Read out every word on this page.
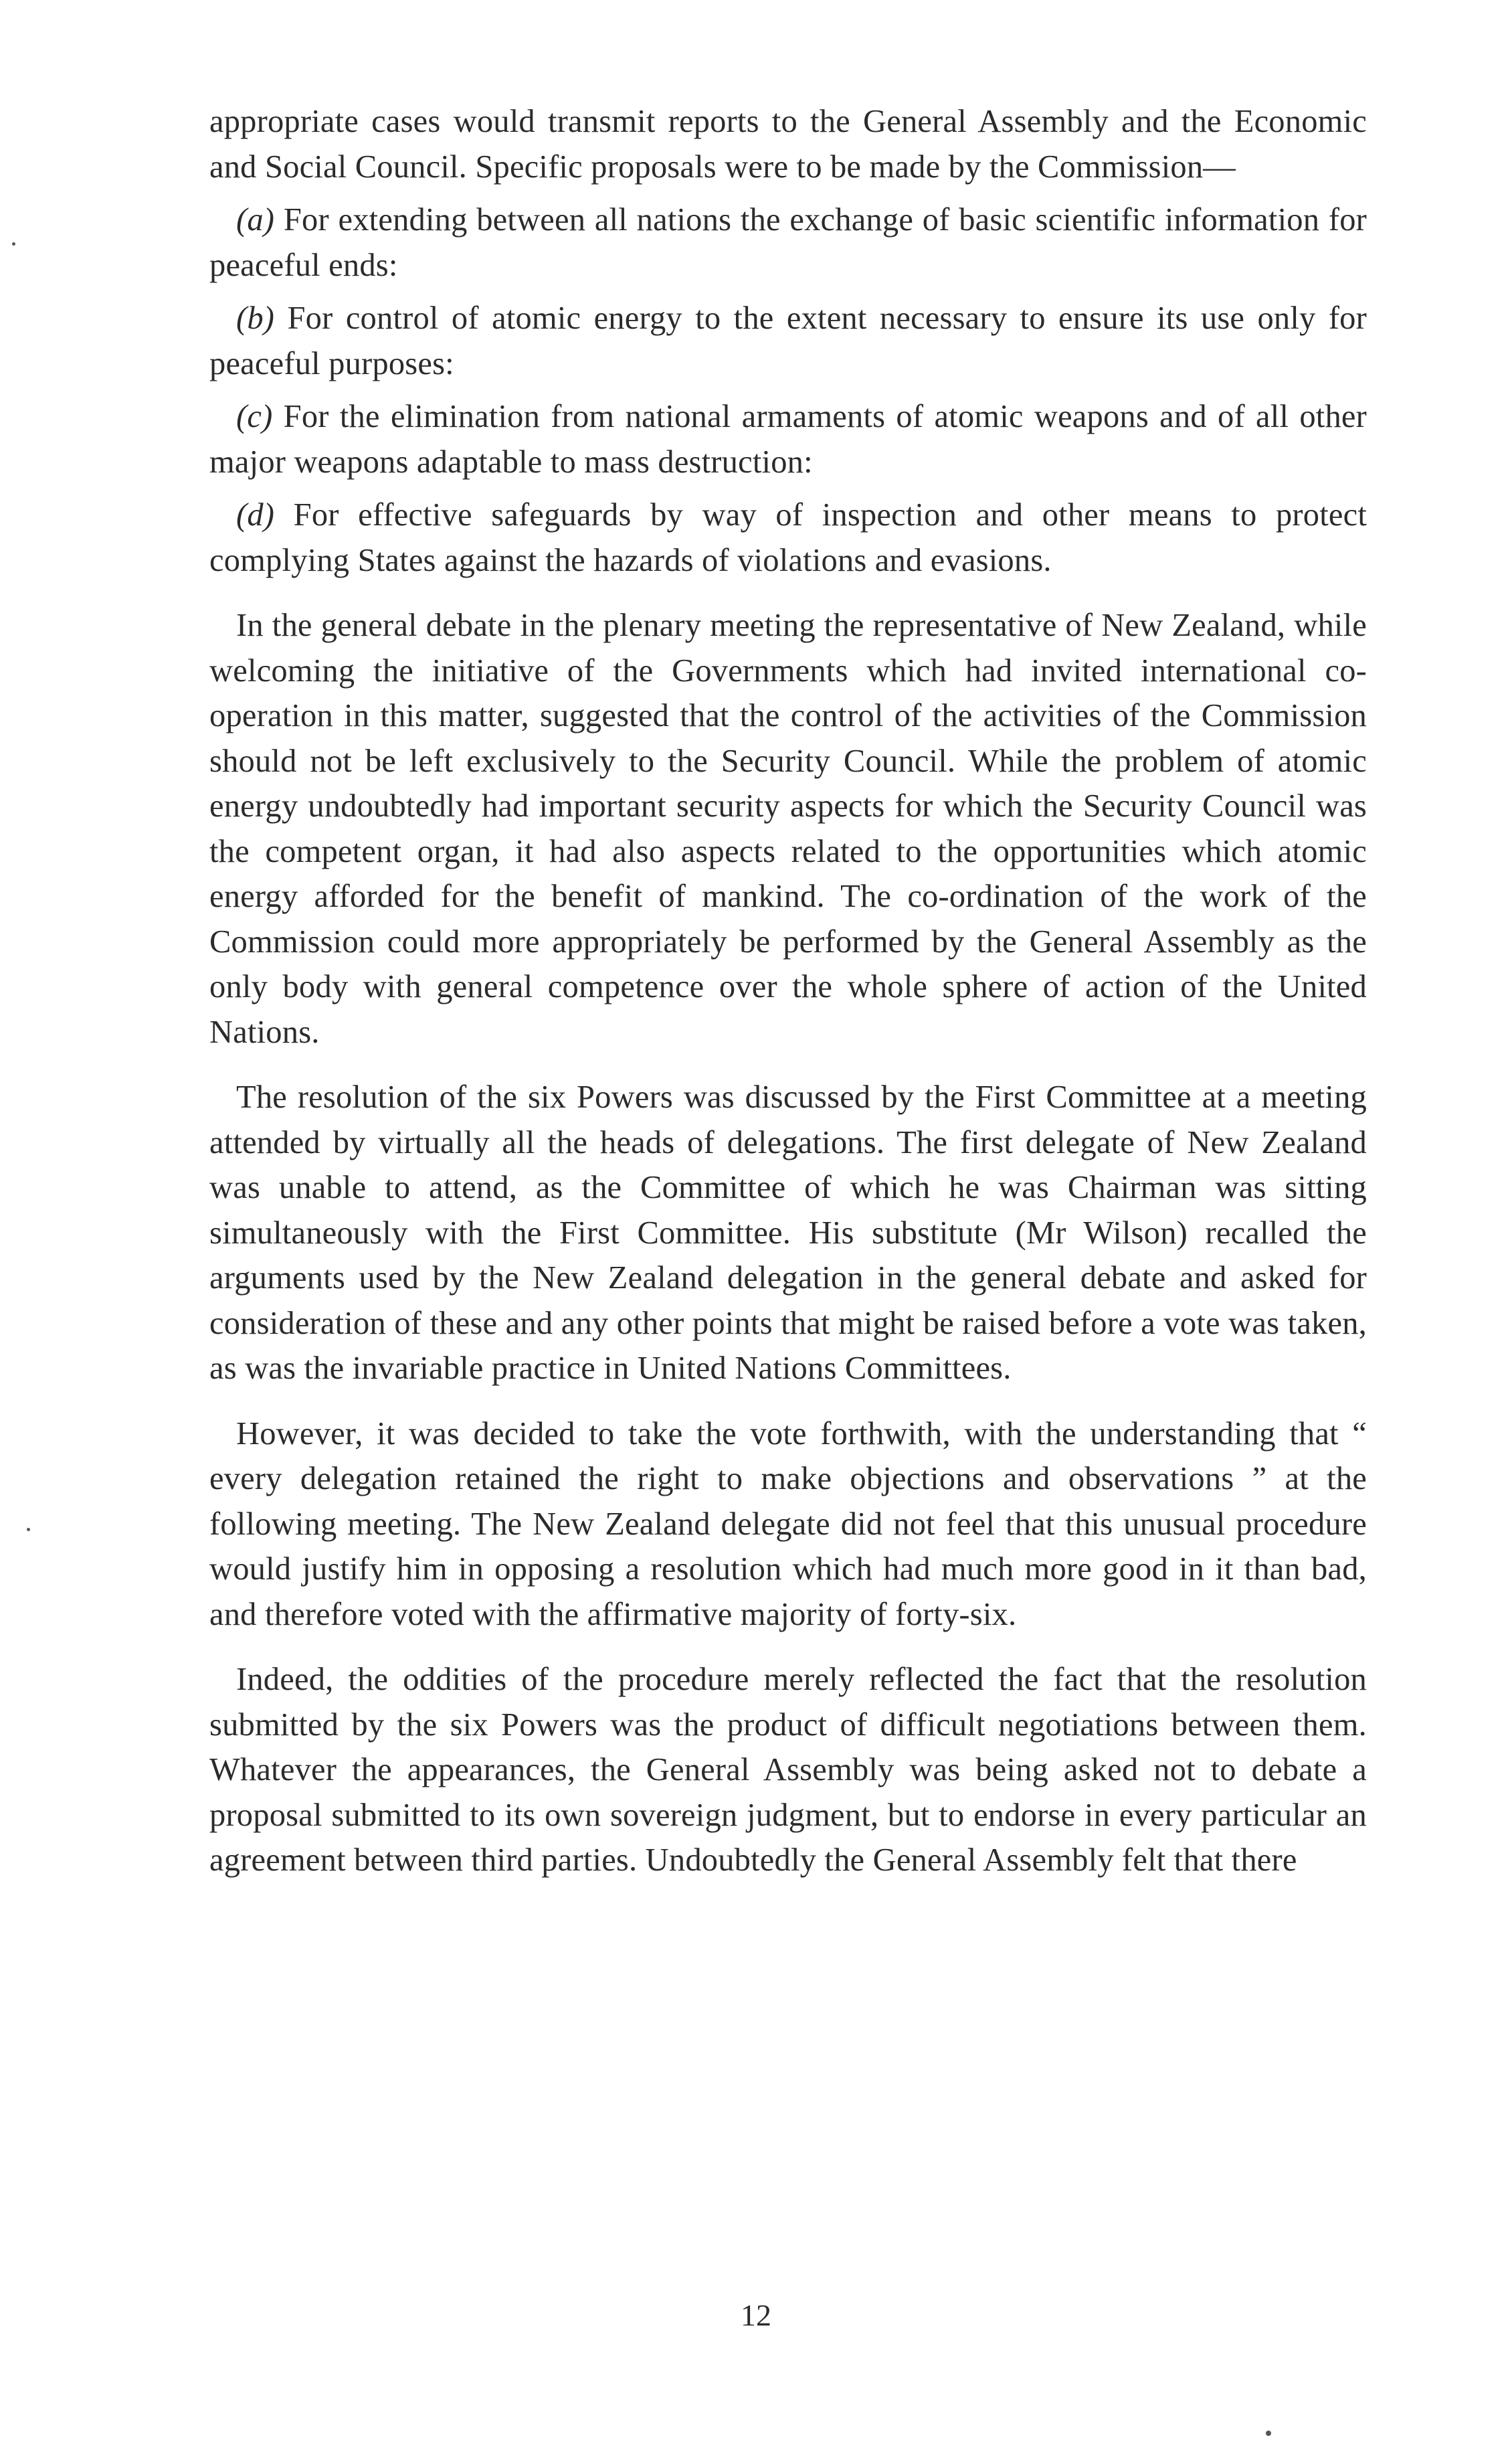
appropriate cases would transmit reports to the General Assembly and the Economic and Social Council. Specific proposals were to be made by the Commission—

(a) For extending between all nations the exchange of basic scientific information for peaceful ends:

(b) For control of atomic energy to the extent necessary to ensure its use only for peaceful purposes:

(c) For the elimination from national armaments of atomic weapons and of all other major weapons adaptable to mass destruction:

(d) For effective safeguards by way of inspection and other means to protect complying States against the hazards of violations and evasions.

In the general debate in the plenary meeting the representative of New Zealand, while welcoming the initiative of the Governments which had invited international co-operation in this matter, suggested that the control of the activities of the Commission should not be left exclusively to the Security Council. While the problem of atomic energy undoubtedly had important security aspects for which the Security Council was the competent organ, it had also aspects related to the opportunities which atomic energy afforded for the benefit of mankind. The co-ordination of the work of the Commission could more appropriately be performed by the General Assembly as the only body with general competence over the whole sphere of action of the United Nations.

The resolution of the six Powers was discussed by the First Committee at a meeting attended by virtually all the heads of delegations. The first delegate of New Zealand was unable to attend, as the Committee of which he was Chairman was sitting simultaneously with the First Committee. His substitute (Mr Wilson) recalled the arguments used by the New Zealand delegation in the general debate and asked for consideration of these and any other points that might be raised before a vote was taken, as was the invariable practice in United Nations Committees.

However, it was decided to take the vote forthwith, with the understanding that “ every delegation retained the right to make objections and observations ” at the following meeting. The New Zealand delegate did not feel that this unusual procedure would justify him in opposing a resolution which had much more good in it than bad, and therefore voted with the affirmative majority of forty-six.

Indeed, the oddities of the procedure merely reflected the fact that the resolution submitted by the six Powers was the product of difficult negotiations between them. Whatever the appearances, the General Assembly was being asked not to debate a proposal submitted to its own sovereign judgment, but to endorse in every particular an agreement between third parties. Undoubtedly the General Assembly felt that there

12
